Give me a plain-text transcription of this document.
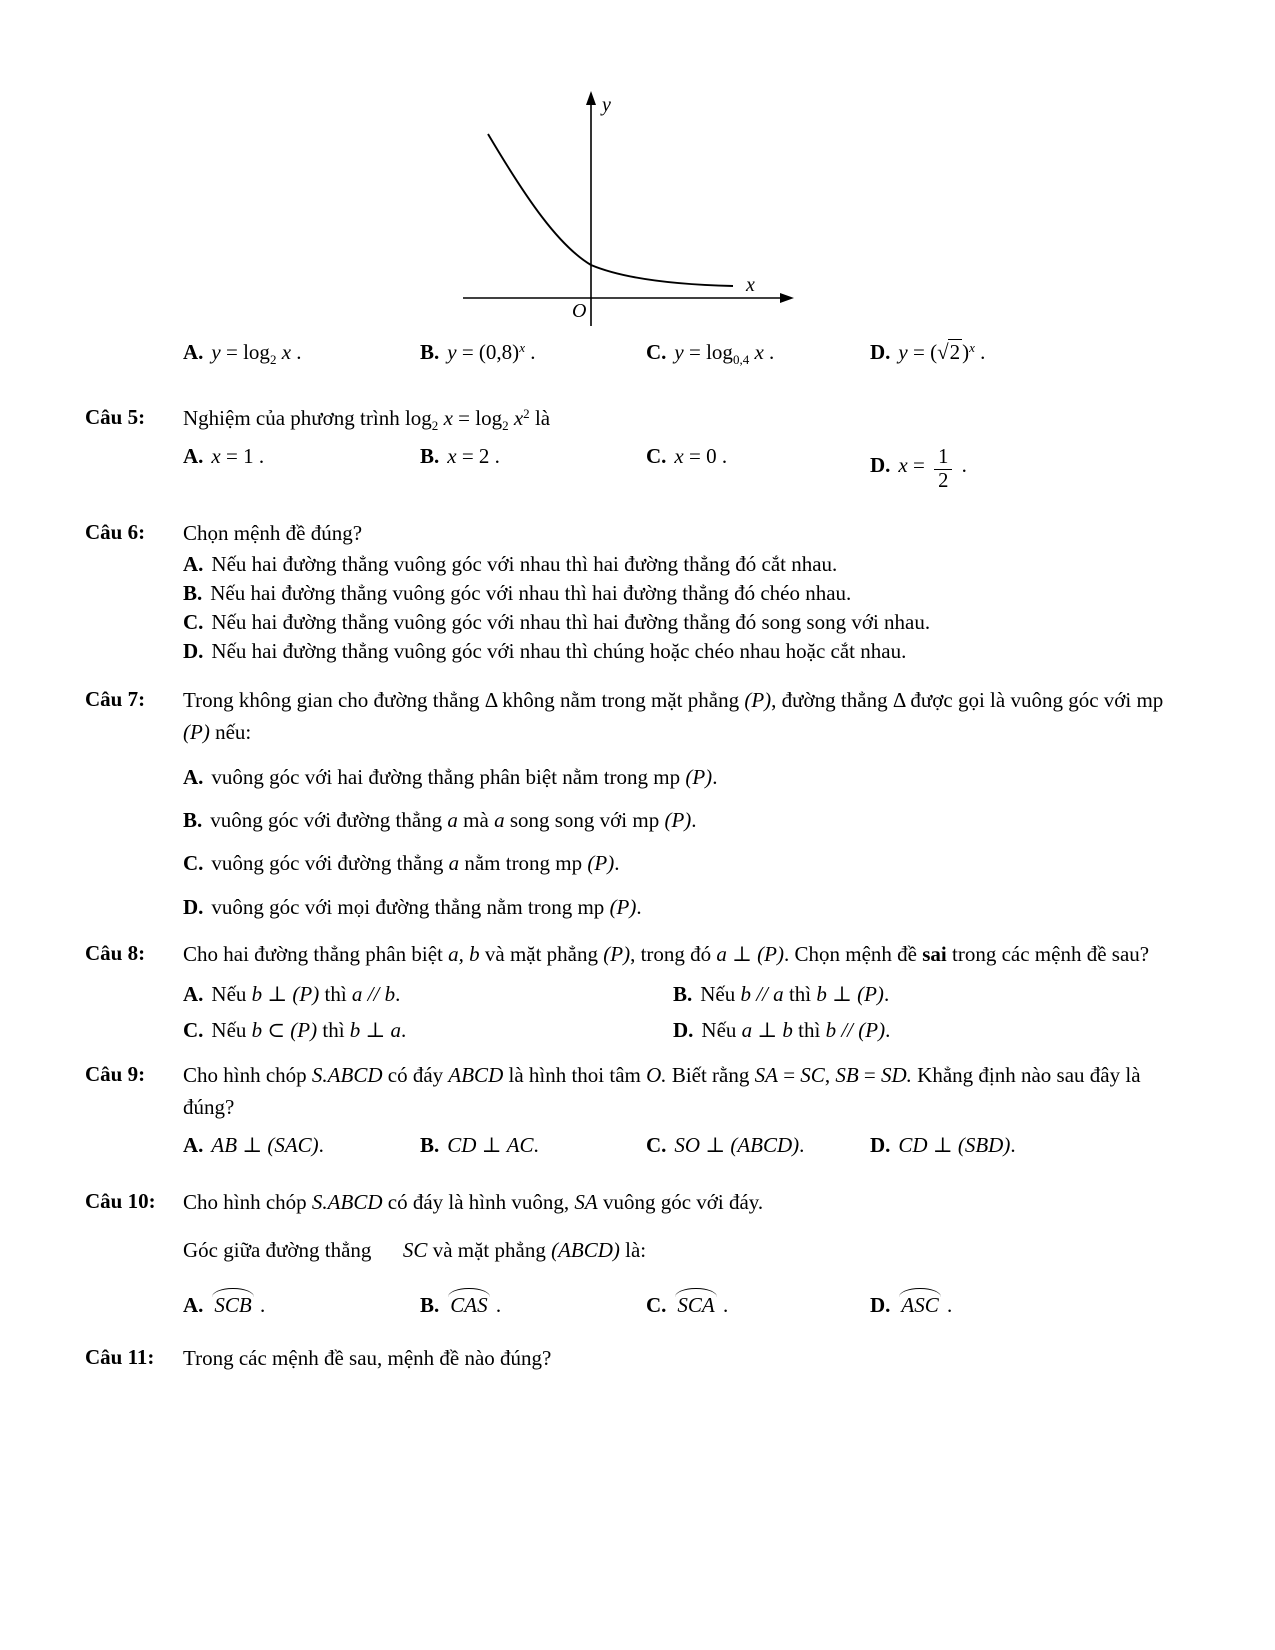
y
x
O
A. $y = \log_2 x$ .	B. $y = (0,8)^x$ .	C. $y = \log_{0,4} x$ .	D. $y = (√2)^x$ .
Câu 5:	Nghiệm của phương trình $\log_2 x = \log_2 x^2$ là

A. x = 1 .	B. x = 2 .	C. x = 0 .	D. $x = \frac{1}{2}$ .
Câu 6:	Chọn mệnh đề đúng?

A. Nếu hai đường thẳng vuông góc với nhau thì hai đường thẳng đó cắt nhau.

B. Nếu hai đường thẳng vuông góc với nhau thì hai đường thẳng đó chéo nhau.

C. Nếu hai đường thẳng vuông góc với nhau thì hai đường thẳng đó song song với nhau.

D. Nếu hai đường thẳng vuông góc với nhau thì chúng hoặc chéo nhau hoặc cắt nhau.

Câu 7:	Trong không gian cho đường thẳng Δ không nằm trong mặt phẳng (P), đường thẳng Δ được gọi là vuông góc với mp (P) nếu:

A. vuông góc với hai đường thẳng phân biệt nằm trong mp (P).

B. vuông góc với đường thẳng a mà a song song với mp (P).

C. vuông góc với đường thẳng a nằm trong mp (P).

D. vuông góc với mọi đường thẳng nằm trong mp (P).

Câu 8:	Cho hai đường thẳng phân biệt a, b và mặt phẳng (P), trong đó a ⊥ (P). Chọn mệnh đề sai trong các mệnh đề sau?

A. Nếu b ⊥ (P) thì a // b.	B. Nếu b // a thì b ⊥ (P).
C. Nếu b ⊂ (P) thì b ⊥ a.	D. Nếu a ⊥ b thì b // (P).
Câu 9:	Cho hình chóp S.ABCD có đáy ABCD là hình thoi tâm O. Biết rằng SA = SC, SB = SD. Khẳng định nào sau đây là đúng?

A. AB ⊥ (SAC).	B. CD ⊥ AC.	C. SO ⊥ (ABCD).	D. CD ⊥ (SBD).
Câu 10:	Cho hình chóp S.ABCD có đáy là hình vuông, SA vuông góc với đáy.

Góc giữa đường thẳng      SC và mặt phẳng (ABCD) là:

A. SCB .	B. CAS .	C. SCA .	D. ASC .
Câu 11:	Trong các mệnh đề sau, mệnh đề nào đúng?
